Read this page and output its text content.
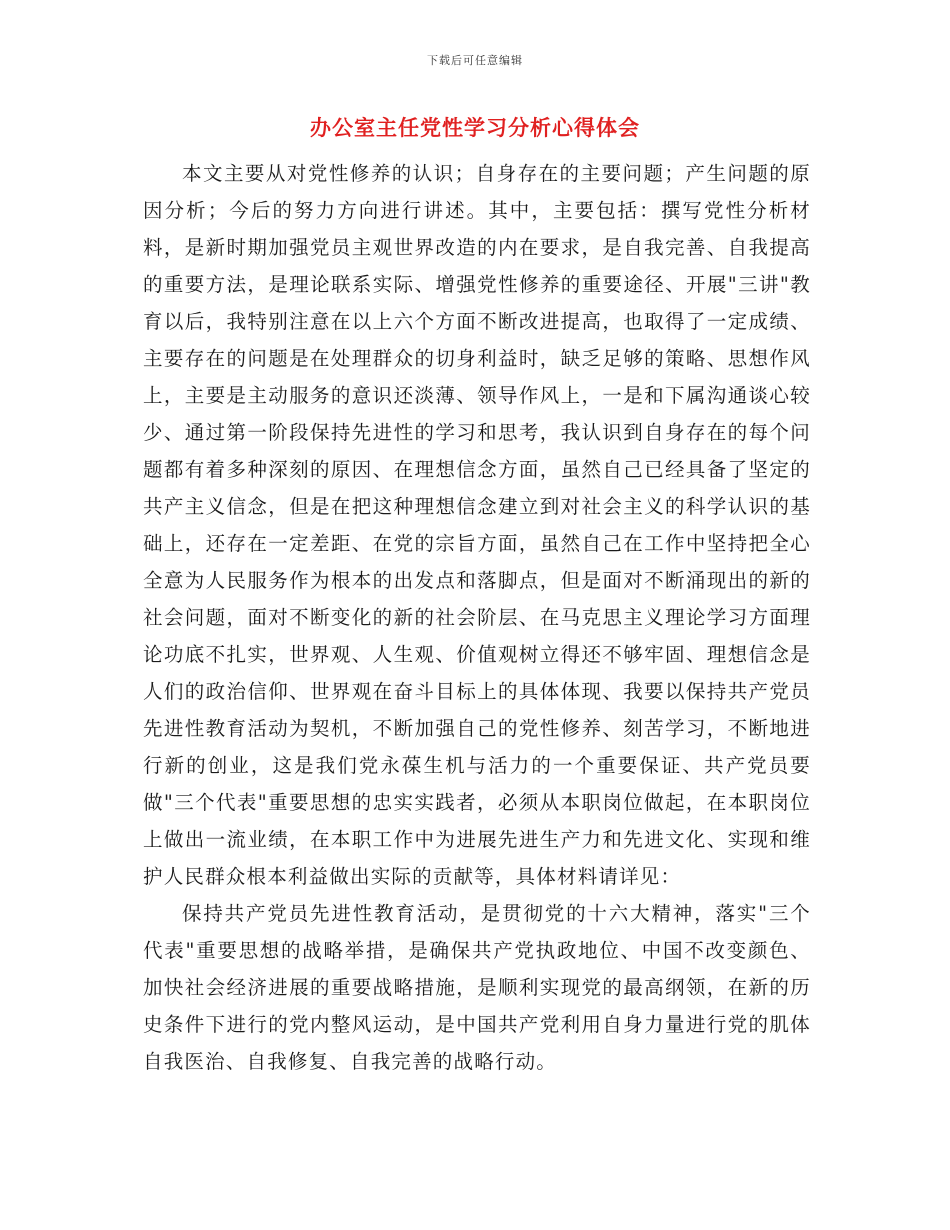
下载后可任意编辑
办公室主任党性学习分析心得体会

本文主要从对党性修养的认识；自身存在的主要问题；产生问题的原因分析；今后的努力方向进行讲述。其中，主要包括：撰写党性分析材料，是新时期加强党员主观世界改造的内在要求，是自我完善、自我提高的重要方法，是理论联系实际、增强党性修养的重要途径、开展"三讲"教育以后，我特别注意在以上六个方面不断改进提高，也取得了一定成绩、主要存在的问题是在处理群众的切身利益时，缺乏足够的策略、思想作风上，主要是主动服务的意识还淡薄、领导作风上，一是和下属沟通谈心较少、通过第一阶段保持先进性的学习和思考，我认识到自身存在的每个问题都有着多种深刻的原因、在理想信念方面，虽然自己已经具备了坚定的共产主义信念，但是在把这种理想信念建立到对社会主义的科学认识的基础上，还存在一定差距、在党的宗旨方面，虽然自己在工作中坚持把全心全意为人民服务作为根本的出发点和落脚点，但是面对不断涌现出的新的社会问题，面对不断变化的新的社会阶层、在马克思主义理论学习方面理论功底不扎实，世界观、人生观、价值观树立得还不够牢固、理想信念是人们的政治信仰、世界观在奋斗目标上的具体体现、我要以保持共产党员先进性教育活动为契机，不断加强自己的党性修养、刻苦学习，不断地进行新的创业，这是我们党永葆生机与活力的一个重要保证、共产党员要做"三个代表"重要思想的忠实实践者，必须从本职岗位做起，在本职岗位上做出一流业绩，在本职工作中为进展先进生产力和先进文化、实现和维护人民群众根本利益做出实际的贡献等，具体材料请详见：

保持共产党员先进性教育活动，是贯彻党的十六大精神，落实"三个代表"重要思想的战略举措，是确保共产党执政地位、中国不改变颜色、加快社会经济进展的重要战略措施，是顺利实现党的最高纲领，在新的历史条件下进行的党内整风运动，是中国共产党利用自身力量进行党的肌体自我医治、自我修复、自我完善的战略行动。
